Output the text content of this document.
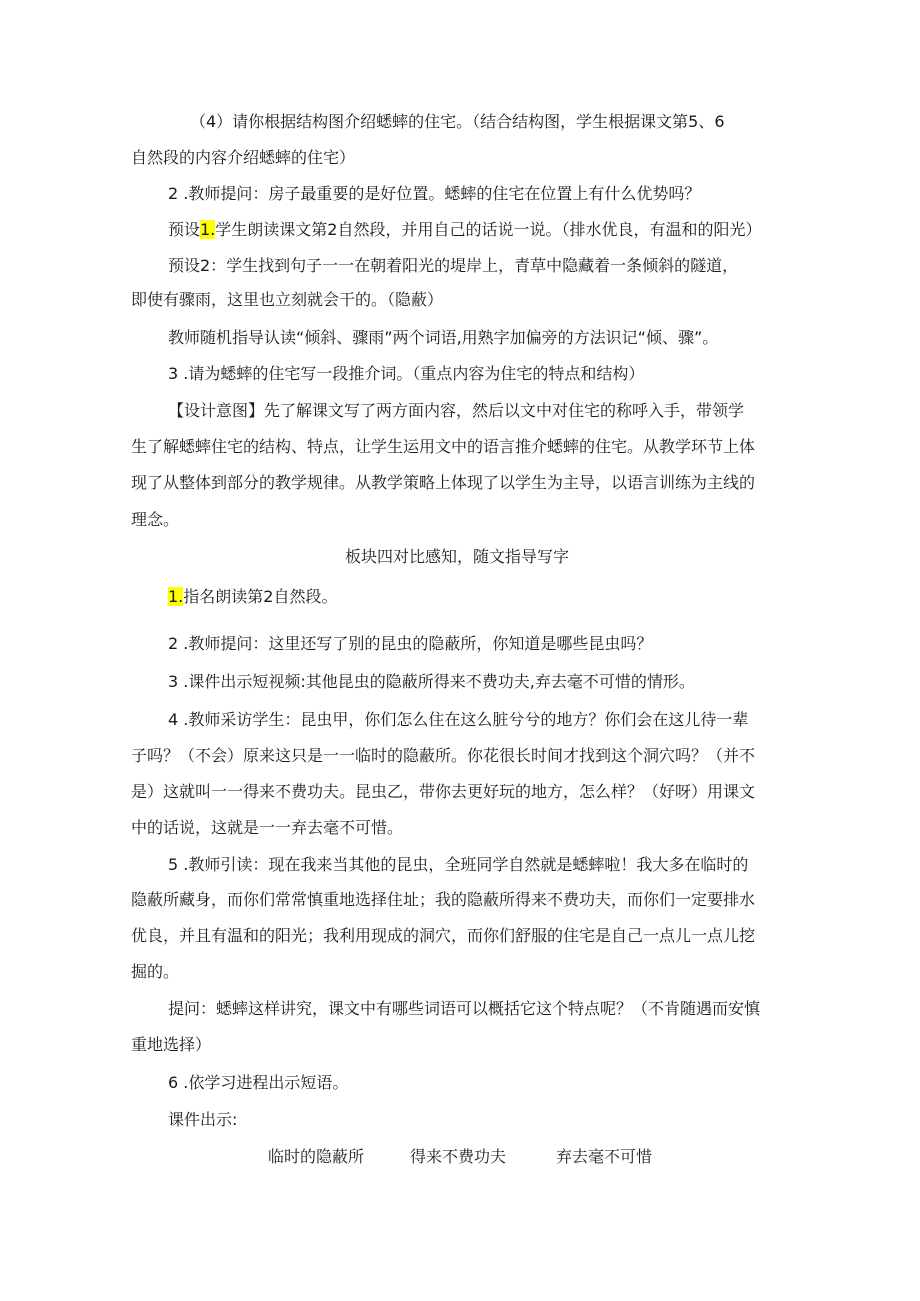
（4）请你根据结构图介绍蟋蟀的住宅。（结合结构图，学生根据课文第5、6
自然段的内容介绍蟋蟀的住宅）
2 .教师提问：房子最重要的是好位置。蟋蟀的住宅在位置上有什么优势吗？
预设1.学生朗读课文第2自然段，并用自己的话说一说。（排水优良，有温和的阳光）
预设2：学生找到句子一一在朝着阳光的堤岸上，青草中隐藏着一条倾斜的隧道，
即使有骤雨，这里也立刻就会干的。（隐蔽）
教师随机指导认读“倾斜、骤雨”两个词语,用熟字加偏旁的方法识记“倾、骤”。
3 .请为蟋蟀的住宅写一段推介词。（重点内容为住宅的特点和结构）
【设计意图】先了解课文写了两方面内容，然后以文中对住宅的称呼入手，带领学
生了解蟋蟀住宅的结构、特点，让学生运用文中的语言推介蟋蟀的住宅。从教学环节上体
现了从整体到部分的教学规律。从教学策略上体现了以学生为主导，以语言训练为主线的
理念。
板块四对比感知，随文指导写字
1.指名朗读第2自然段。
2 .教师提问：这里还写了别的昆虫的隐蔽所，你知道是哪些昆虫吗？
3 .课件出示短视频:其他昆虫的隐蔽所得来不费功夫,弃去毫不可惜的情形。
4 .教师采访学生：昆虫甲，你们怎么住在这么脏兮兮的地方？你们会在这儿待一辈
子吗？（不会）原来这只是一一临时的隐蔽所。你花很长时间才找到这个洞穴吗？（并不
是）这就叫一一得来不费功夫。昆虫乙，带你去更好玩的地方，怎么样？（好呀）用课文
中的话说，这就是一一弃去毫不可惜。
5 .教师引读：现在我来当其他的昆虫，全班同学自然就是蟋蟀啦！我大多在临时的
隐蔽所藏身，而你们常常慎重地选择住址；我的隐蔽所得来不费功夫，而你们一定要排水
优良，并且有温和的阳光；我利用现成的洞穴，而你们舒服的住宅是自己一点儿一点儿挖
掘的。
提问：蟋蟀这样讲究，课文中有哪些词语可以概括它这个特点呢？（不肯随遇而安慎
重地选择）
6 .依学习进程出示短语。
课件出示:
临时的隐蔽所	得来不费功夫	弃去毫不可惜
